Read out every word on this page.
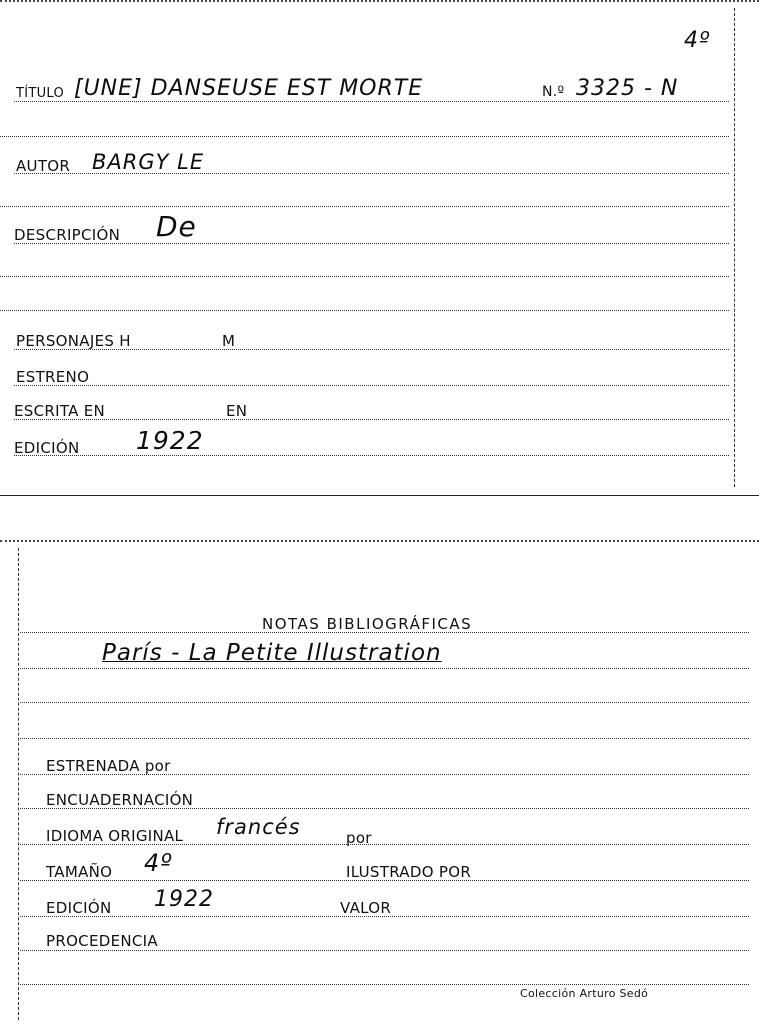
4º
TÍTULO [UNE] DANSEUSE EST MORTE	N.º 3325 - N
AUTOR BARGY LE
DESCRIPCIÓN De
PERSONAJES H	M
ESTRENO
ESCRITA EN	EN
EDICIÓN 1922
NOTAS BIBLIOGRÁFICAS
París - La Petite Illustration
ESTRENADA por
ENCUADERNACIÓN
IDIOMA ORIGINAL francés	por
TAMAÑO 4º	ILUSTRADO POR
EDICIÓN 1922	VALOR
PROCEDENCIA
Colección Arturo Sedó
